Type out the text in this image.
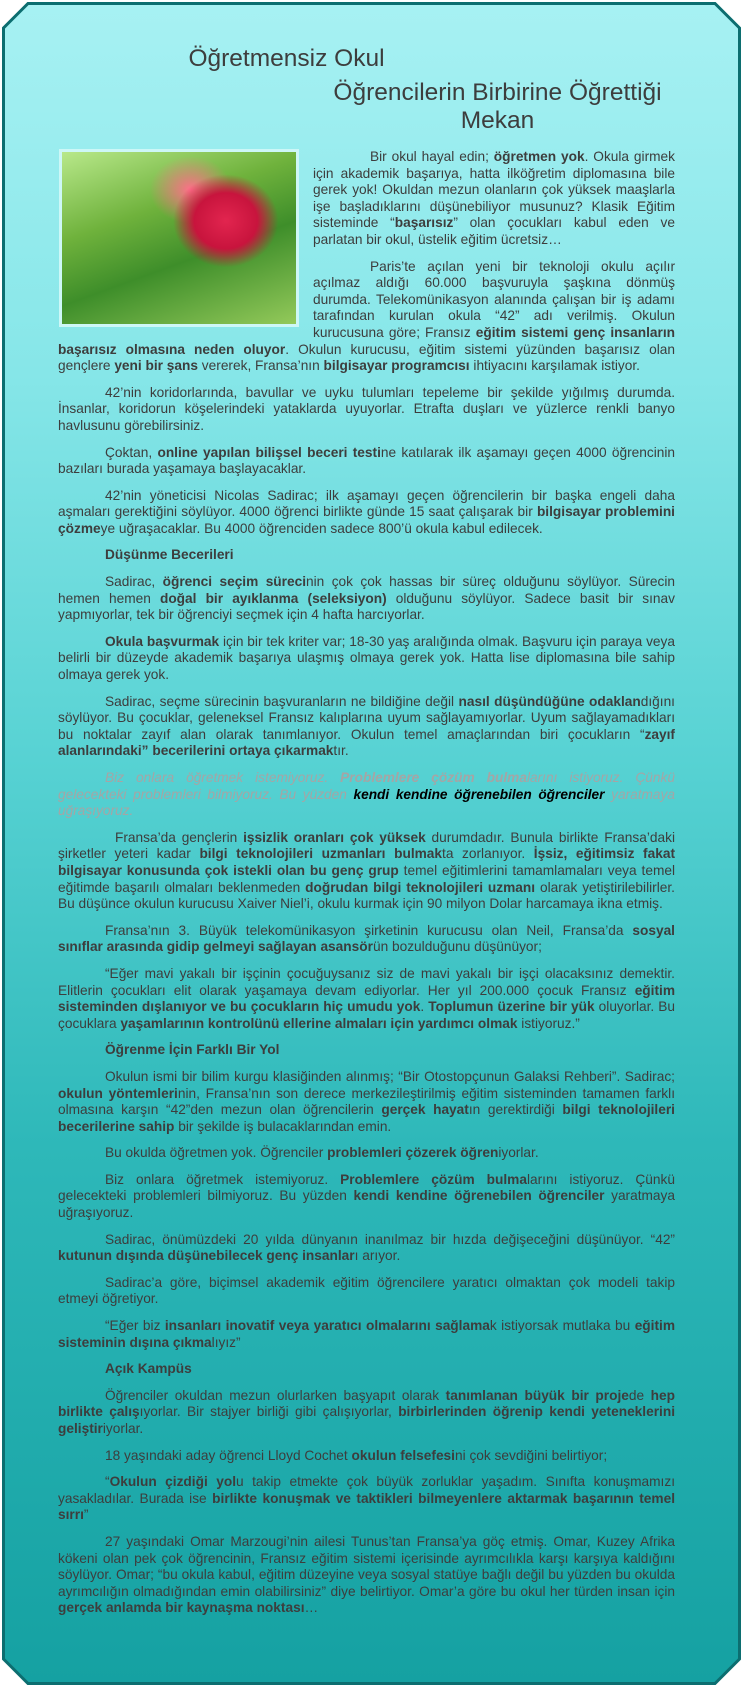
Öğretmensiz Okul
Öğrencilerin Birbirine Öğrettiği
Mekan

Bir okul hayal edin; öğretmen yok. Okula girmek için akademik başarıya, hatta ilköğretim diplomasına bile gerek yok! Okuldan mezun olanların çok yüksek maaşlarla işe başladıklarını düşünebiliyor musunuz? Klasik Eğitim sisteminde “başarısız” olan çocukları kabul eden ve parlatan bir okul, üstelik eğitim ücretsiz…

Paris’te açılan yeni bir teknoloji okulu açılır açılmaz aldığı 60.000 başvuruyla şaşkına dönmüş durumda. Telekomünikasyon alanında çalışan bir iş adamı tarafından kurulan okula “42” adı verilmiş. Okulun kurucusuna göre; Fransız eğitim sistemi genç insanların başarısız olmasına neden oluyor. Okulun kurucusu, eğitim sistemi yüzünden başarısız olan gençlere yeni bir şans vererek, Fransa’nın bilgisayar programcısı ihtiyacını karşılamak istiyor.

42’nin koridorlarında, bavullar ve uyku tulumları tepeleme bir şekilde yığılmış durumda. İnsanlar, koridorun köşelerindeki yataklarda uyuyorlar. Etrafta duşları ve yüzlerce renkli banyo havlusunu görebilirsiniz.

Çoktan, online yapılan bilişsel beceri testine katılarak ilk aşamayı geçen 4000 öğrencinin bazıları burada yaşamaya başlayacaklar.

42’nin yöneticisi Nicolas Sadirac; ilk aşamayı geçen öğrencilerin bir başka engeli daha aşmaları gerektiğini söylüyor. 4000 öğrenci birlikte günde 15 saat çalışarak bir bilgisayar problemini çözmeye uğraşacaklar. Bu 4000 öğrenciden sadece 800’ü okula kabul edilecek.

Düşünme Becerileri

Sadirac, öğrenci seçim sürecinin çok çok hassas bir süreç olduğunu söylüyor. Sürecin hemen hemen doğal bir ayıklanma (seleksiyon) olduğunu söylüyor. Sadece basit bir sınav yapmıyorlar, tek bir öğrenciyi seçmek için 4 hafta harcıyorlar.

Okula başvurmak için bir tek kriter var; 18-30 yaş aralığında olmak. Başvuru için paraya veya belirli bir düzeyde akademik başarıya ulaşmış olmaya gerek yok. Hatta lise diplomasına bile sahip olmaya gerek yok.

Sadirac, seçme sürecinin başvuranların ne bildiğine değil nasıl düşündüğüne odaklandığını söylüyor. Bu çocuklar, geleneksel Fransız kalıplarına uyum sağlayamıyorlar. Uyum sağlayamadıkları bu noktalar zayıf alan olarak tanımlanıyor. Okulun temel amaçlarından biri çocukların “zayıf alanlarındaki” becerilerini ortaya çıkarmaktır.

Biz onlara öğretmek istemiyoruz. Problemlere çözüm bulmalarını istiyoruz. Çünkü gelecekteki problemleri bilmiyoruz. Bu yüzden kendi kendine öğrenebilen öğrenciler yaratmaya uğraşıyoruz.

Fransa’da gençlerin işsizlik oranları çok yüksek durumdadır. Bunula birlikte Fransa’daki şirketler yeteri kadar bilgi teknolojileri uzmanları bulmakta zorlanıyor. İşsiz, eğitimsiz fakat bilgisayar konusunda çok istekli olan bu genç grup temel eğitimlerini tamamlamaları veya temel eğitimde başarılı olmaları beklenmeden doğrudan bilgi teknolojileri uzmanı olarak yetiştirilebilirler. Bu düşünce okulun kurucusu Xaiver Niel’i, okulu kurmak için 90 milyon Dolar harcamaya ikna etmiş.

Fransa’nın 3. Büyük telekomünikasyon şirketinin kurucusu olan Neil, Fransa’da sosyal sınıflar arasında gidip gelmeyi sağlayan asansörün bozulduğunu düşünüyor;

“Eğer mavi yakalı bir işçinin çocuğuysanız siz de mavi yakalı bir işçi olacaksınız demektir. Elitlerin çocukları elit olarak yaşamaya devam ediyorlar. Her yıl 200.000 çocuk Fransız eğitim sisteminden dışlanıyor ve bu çocukların hiç umudu yok. Toplumun üzerine bir yük oluyorlar. Bu çocuklara yaşamlarının kontrolünü ellerine almaları için yardımcı olmak istiyoruz.”

Öğrenme İçin Farklı Bir Yol

Okulun ismi bir bilim kurgu klasiğinden alınmış; “Bir Otostopçunun Galaksi Rehberi”. Sadirac; okulun yöntemlerinin, Fransa’nın son derece merkezileştirilmiş eğitim sisteminden tamamen farklı olmasına karşın “42”den mezun olan öğrencilerin gerçek hayatın gerektirdiği bilgi teknolojileri becerilerine sahip bir şekilde iş bulacaklarından emin.

Bu okulda öğretmen yok. Öğrenciler problemleri çözerek öğreniyorlar.

Biz onlara öğretmek istemiyoruz. Problemlere çözüm bulmalarını istiyoruz. Çünkü gelecekteki problemleri bilmiyoruz. Bu yüzden kendi kendine öğrenebilen öğrenciler yaratmaya uğraşıyoruz.

Sadirac, önümüzdeki 20 yılda dünyanın inanılmaz bir hızda değişeceğini düşünüyor. “42” kutunun dışında düşünebilecek genç insanları arıyor.

Sadirac’a göre, biçimsel akademik eğitim öğrencilere yaratıcı olmaktan çok modeli takip etmeyi öğretiyor.

“Eğer biz insanları inovatif veya yaratıcı olmalarını sağlamak istiyorsak mutlaka bu eğitim sisteminin dışına çıkmalıyız”

Açık Kampüs

Öğrenciler okuldan mezun olurlarken başyapıt olarak tanımlanan büyük bir projede hep birlikte çalışıyorlar. Bir stajyer birliği gibi çalışıyorlar, birbirlerinden öğrenip kendi yeteneklerini geliştiriyorlar.

18 yaşındaki aday öğrenci Lloyd Cochet okulun felsefesini çok sevdiğini belirtiyor;

“Okulun çizdiği yolu takip etmekte çok büyük zorluklar yaşadım. Sınıfta konuşmamızı yasakladılar. Burada ise birlikte konuşmak ve taktikleri bilmeyenlere aktarmak başarının temel sırrı”

27 yaşındaki Omar Marzougi’nin ailesi Tunus’tan Fransa’ya göç etmiş. Omar, Kuzey Afrika kökeni olan pek çok öğrencinin, Fransız eğitim sistemi içerisinde ayrımcılıkla karşı karşıya kaldığını söylüyor. Omar; “bu okula kabul, eğitim düzeyine veya sosyal statüye bağlı değil bu yüzden bu okulda ayrımcılığın olmadığından emin olabilirsiniz” diye belirtiyor. Omar’a göre bu okul her türden insan için gerçek anlamda bir kaynaşma noktası…
